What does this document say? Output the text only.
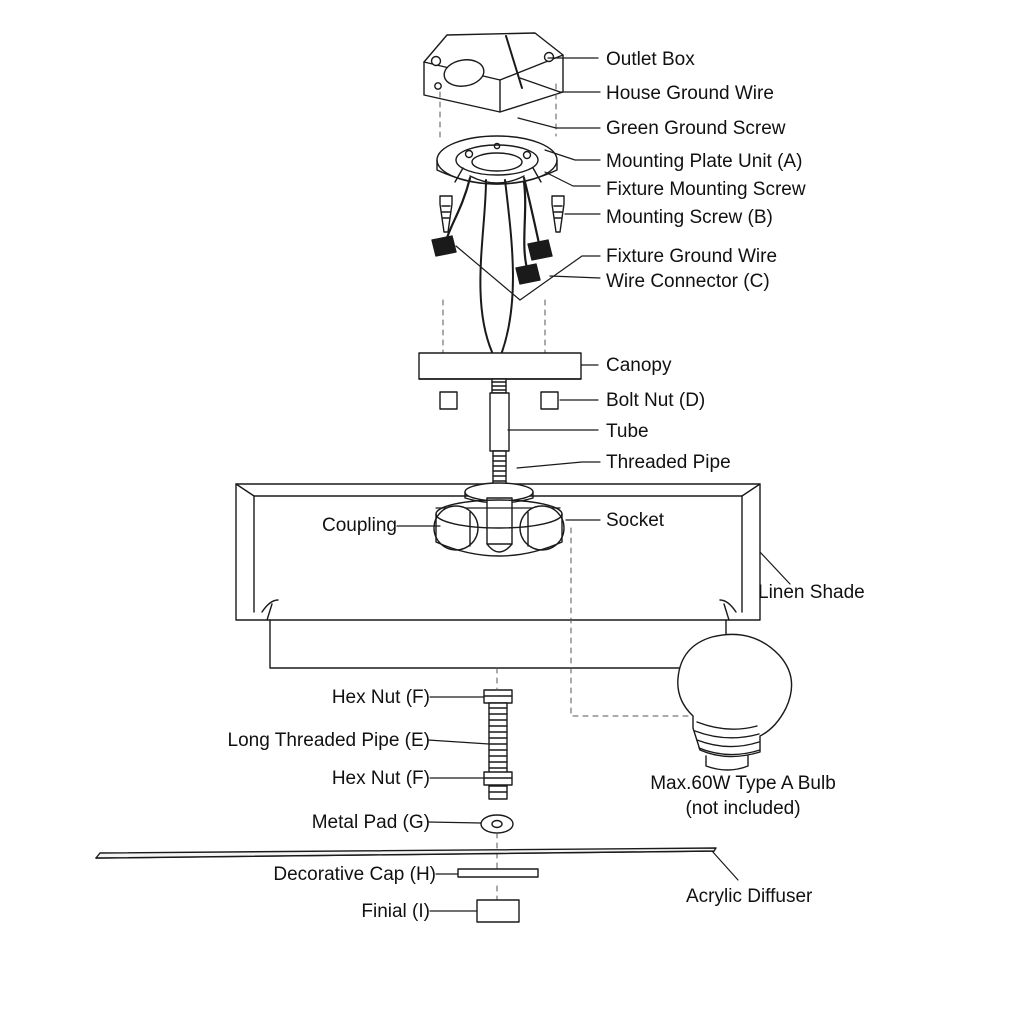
Outlet Box
House Ground Wire
Green Ground Screw
Mounting Plate Unit (A)
Fixture Mounting Screw
Mounting Screw (B)
Fixture Ground Wire
Wire Connector (C)
Canopy
Bolt Nut (D)
Tube
Threaded Pipe
Coupling	Socket
Linen Shade
Hex Nut (F)
Long Threaded Pipe (E)
Hex Nut (F)
Metal Pad (G)
Decorative Cap (H)
Finial (I)
Max.60W Type A Bulb
(not included)
Acrylic Diffuser
